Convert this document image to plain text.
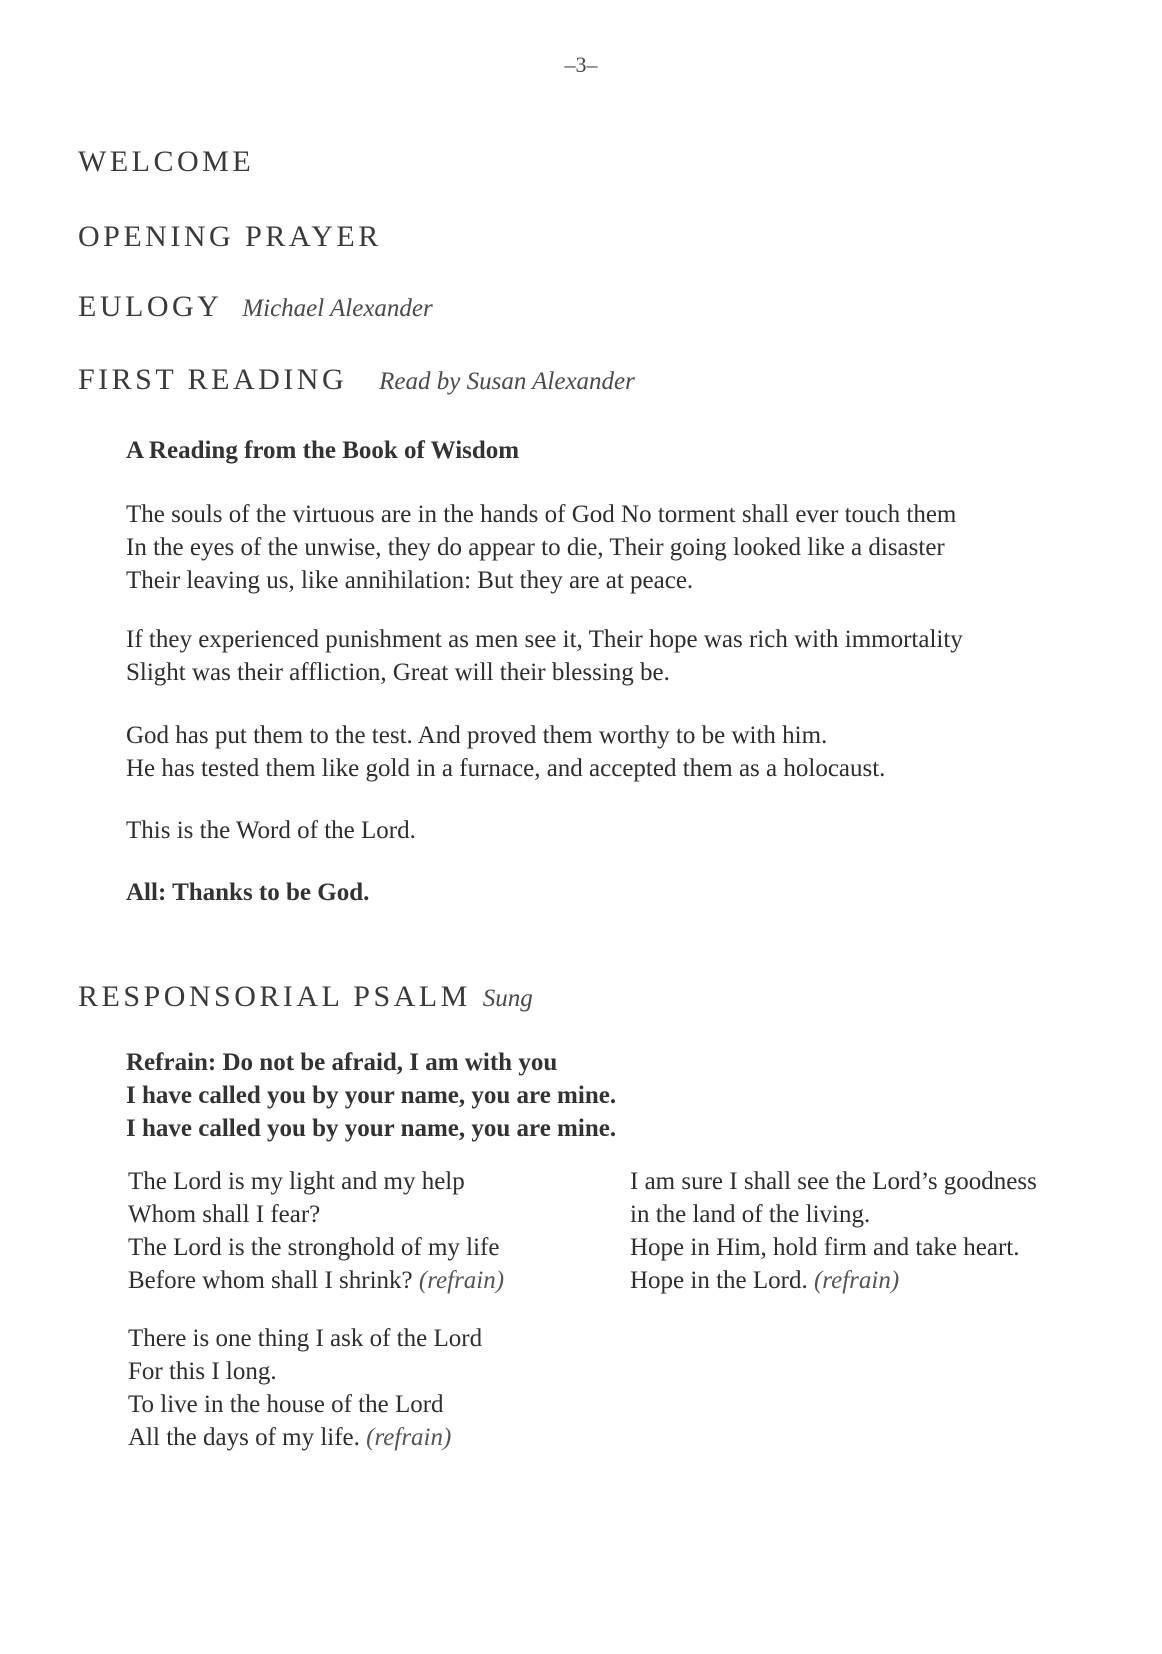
–3–
WELCOME
OPENING PRAYER
EULOGY Michael Alexander
FIRST READING Read by Susan Alexander
A Reading from the Book of Wisdom
The souls of the virtuous are in the hands of God No torment shall ever touch them
In the eyes of the unwise, they do appear to die, Their going looked like a disaster
Their leaving us, like annihilation: But they are at peace.
If they experienced punishment as men see it, Their hope was rich with immortality
Slight was their affliction, Great will their blessing be.
God has put them to the test. And proved them worthy to be with him.
He has tested them like gold in a furnace, and accepted them as a holocaust.
This is the Word of the Lord.
All: Thanks to be God.
RESPONSORIAL PSALM Sung
Refrain: Do not be afraid, I am with you
I have called you by your name, you are mine.
I have called you by your name, you are mine.
The Lord is my light and my help
Whom shall I fear?
The Lord is the stronghold of my life
Before whom shall I shrink? (refrain)
I am sure I shall see the Lord’s goodness
in the land of the living.
Hope in Him, hold firm and take heart.
Hope in the Lord. (refrain)
There is one thing I ask of the Lord
For this I long.
To live in the house of the Lord
All the days of my life. (refrain)
